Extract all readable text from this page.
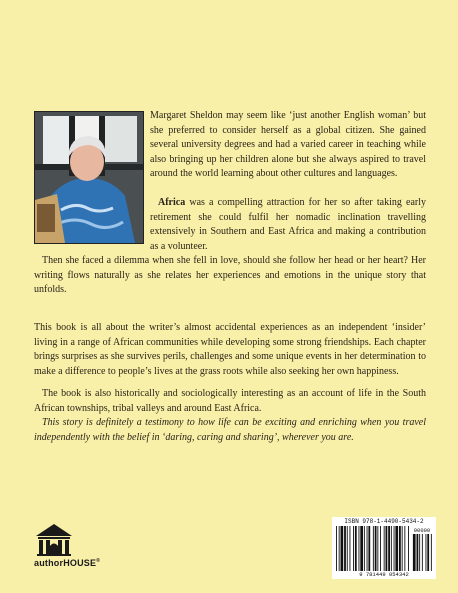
Margaret Sheldon may seem like ‘just another English woman’ but she preferred to consider herself as a global citizen. She gained several university degrees and had a varied career in teaching while also bringing up her children alone but she always aspired to travel around the world learning about other cultures and languages.

Africa was a compelling attraction for her so after taking early retirement she could fulfil her nomadic inclination travelling extensively in Southern and East Africa and making a contribution as a volunteer.

Then she faced a dilemma when she fell in love, should she follow her head or her heart? Her writing flows naturally as she relates her experiences and emotions in the unique story that unfolds.

This book is all about the writer’s almost accidental experiences as an independent ‘insider’ living in a range of African communities while developing some strong friendships. Each chapter brings surprises as she survives perils, challenges and some unique events in her determination to make a difference to people’s lives at the grass roots while also seeking her own happiness.

The book is also historically and sociologically interesting as an account of life in the South African townships, tribal valleys and around East Africa.

This story is definitely a testimony to how life can be exciting and enriching when you travel independently with the belief in ‘daring, caring and sharing’, wherever you are.

authorHOUSE®
ISBN 978-1-4490-5434-2
90000
9 781449 054342
